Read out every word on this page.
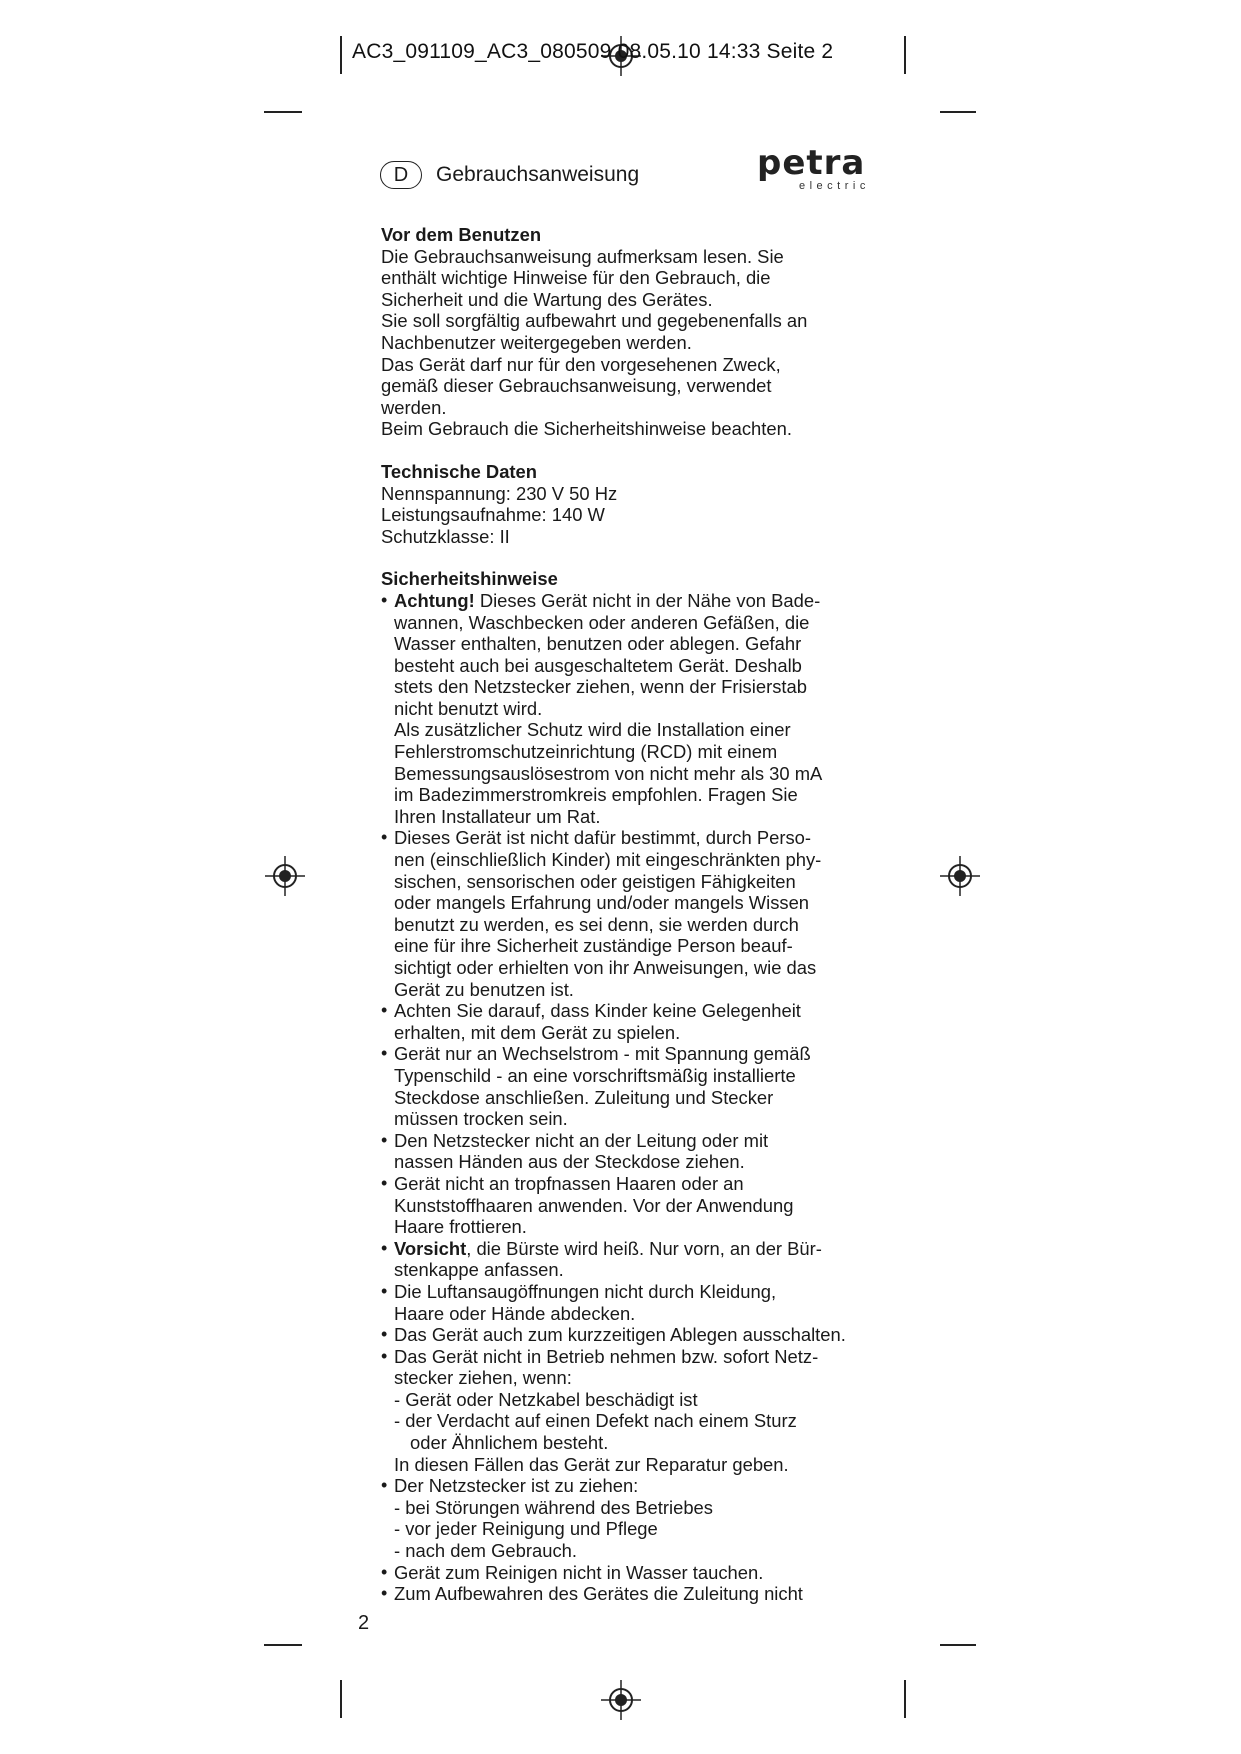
AC3_091109_AC3_080509 08.05.10 14:33 Seite 2
D	Gebrauchsanweisung	petra
electric
Vor dem Benutzen

Die Gebrauchsanweisung aufmerksam lesen. Sie

enthält wichtige Hinweise für den Gebrauch, die

Sicherheit und die Wartung des Gerätes.

Sie soll sorgfältig aufbewahrt und gegebenenfalls an

Nachbenutzer weitergegeben werden.

Das Gerät darf nur für den vorgesehenen Zweck,

gemäß dieser Gebrauchsanweisung, verwendet

werden.

Beim Gebrauch die Sicherheitshinweise beachten.

Technische Daten

Nennspannung: 230 V 50 Hz

Leistungsaufnahme: 140 W

Schutzklasse: II

Sicherheitshinweise

• Achtung! Dieses Gerät nicht in der Nähe von Bade-

wannen, Waschbecken oder anderen Gefäßen, die

Wasser enthalten, benutzen oder ablegen. Gefahr

besteht auch bei ausgeschaltetem Gerät. Deshalb

stets den Netzstecker ziehen, wenn der Frisierstab

nicht benutzt wird.

Als zusätzlicher Schutz wird die Installation einer

Fehlerstromschutzeinrichtung (RCD) mit einem

Bemessungsauslösestrom von nicht mehr als 30 mA

im Badezimmerstromkreis empfohlen. Fragen Sie

Ihren Installateur um Rat.

• Dieses Gerät ist nicht dafür bestimmt, durch Perso-

nen (einschließlich Kinder) mit eingeschränkten phy-

sischen, sensorischen oder geistigen Fähigkeiten

oder mangels Erfahrung und/oder mangels Wissen

benutzt zu werden, es sei denn, sie werden durch

eine für ihre Sicherheit zuständige Person beauf-

sichtigt oder erhielten von ihr Anweisungen, wie das

Gerät zu benutzen ist.

• Achten Sie darauf, dass Kinder keine Gelegenheit

erhalten, mit dem Gerät zu spielen.

• Gerät nur an Wechselstrom - mit Spannung gemäß

Typenschild - an eine vorschriftsmäßig installierte

Steckdose anschließen. Zuleitung und Stecker

müssen trocken sein.

• Den Netzstecker nicht an der Leitung oder mit

nassen Händen aus der Steckdose ziehen.

• Gerät nicht an tropfnassen Haaren oder an

Kunststoffhaaren anwenden. Vor der Anwendung

Haare frottieren.

• Vorsicht, die Bürste wird heiß. Nur vorn, an der Bür-

stenkappe anfassen.

• Die Luftansaugöffnungen nicht durch Kleidung,

Haare oder Hände abdecken.

• Das Gerät auch zum kurzzeitigen Ablegen ausschalten.

• Das Gerät nicht in Betrieb nehmen bzw. sofort Netz-

stecker ziehen, wenn:

- Gerät oder Netzkabel beschädigt ist

- der Verdacht auf einen Defekt nach einem Sturz

oder Ähnlichem besteht.

In diesen Fällen das Gerät zur Reparatur geben.

• Der Netzstecker ist zu ziehen:

- bei Störungen während des Betriebes

- vor jeder Reinigung und Pflege

- nach dem Gebrauch.

• Gerät zum Reinigen nicht in Wasser tauchen.

• Zum Aufbewahren des Gerätes die Zuleitung nicht

2
